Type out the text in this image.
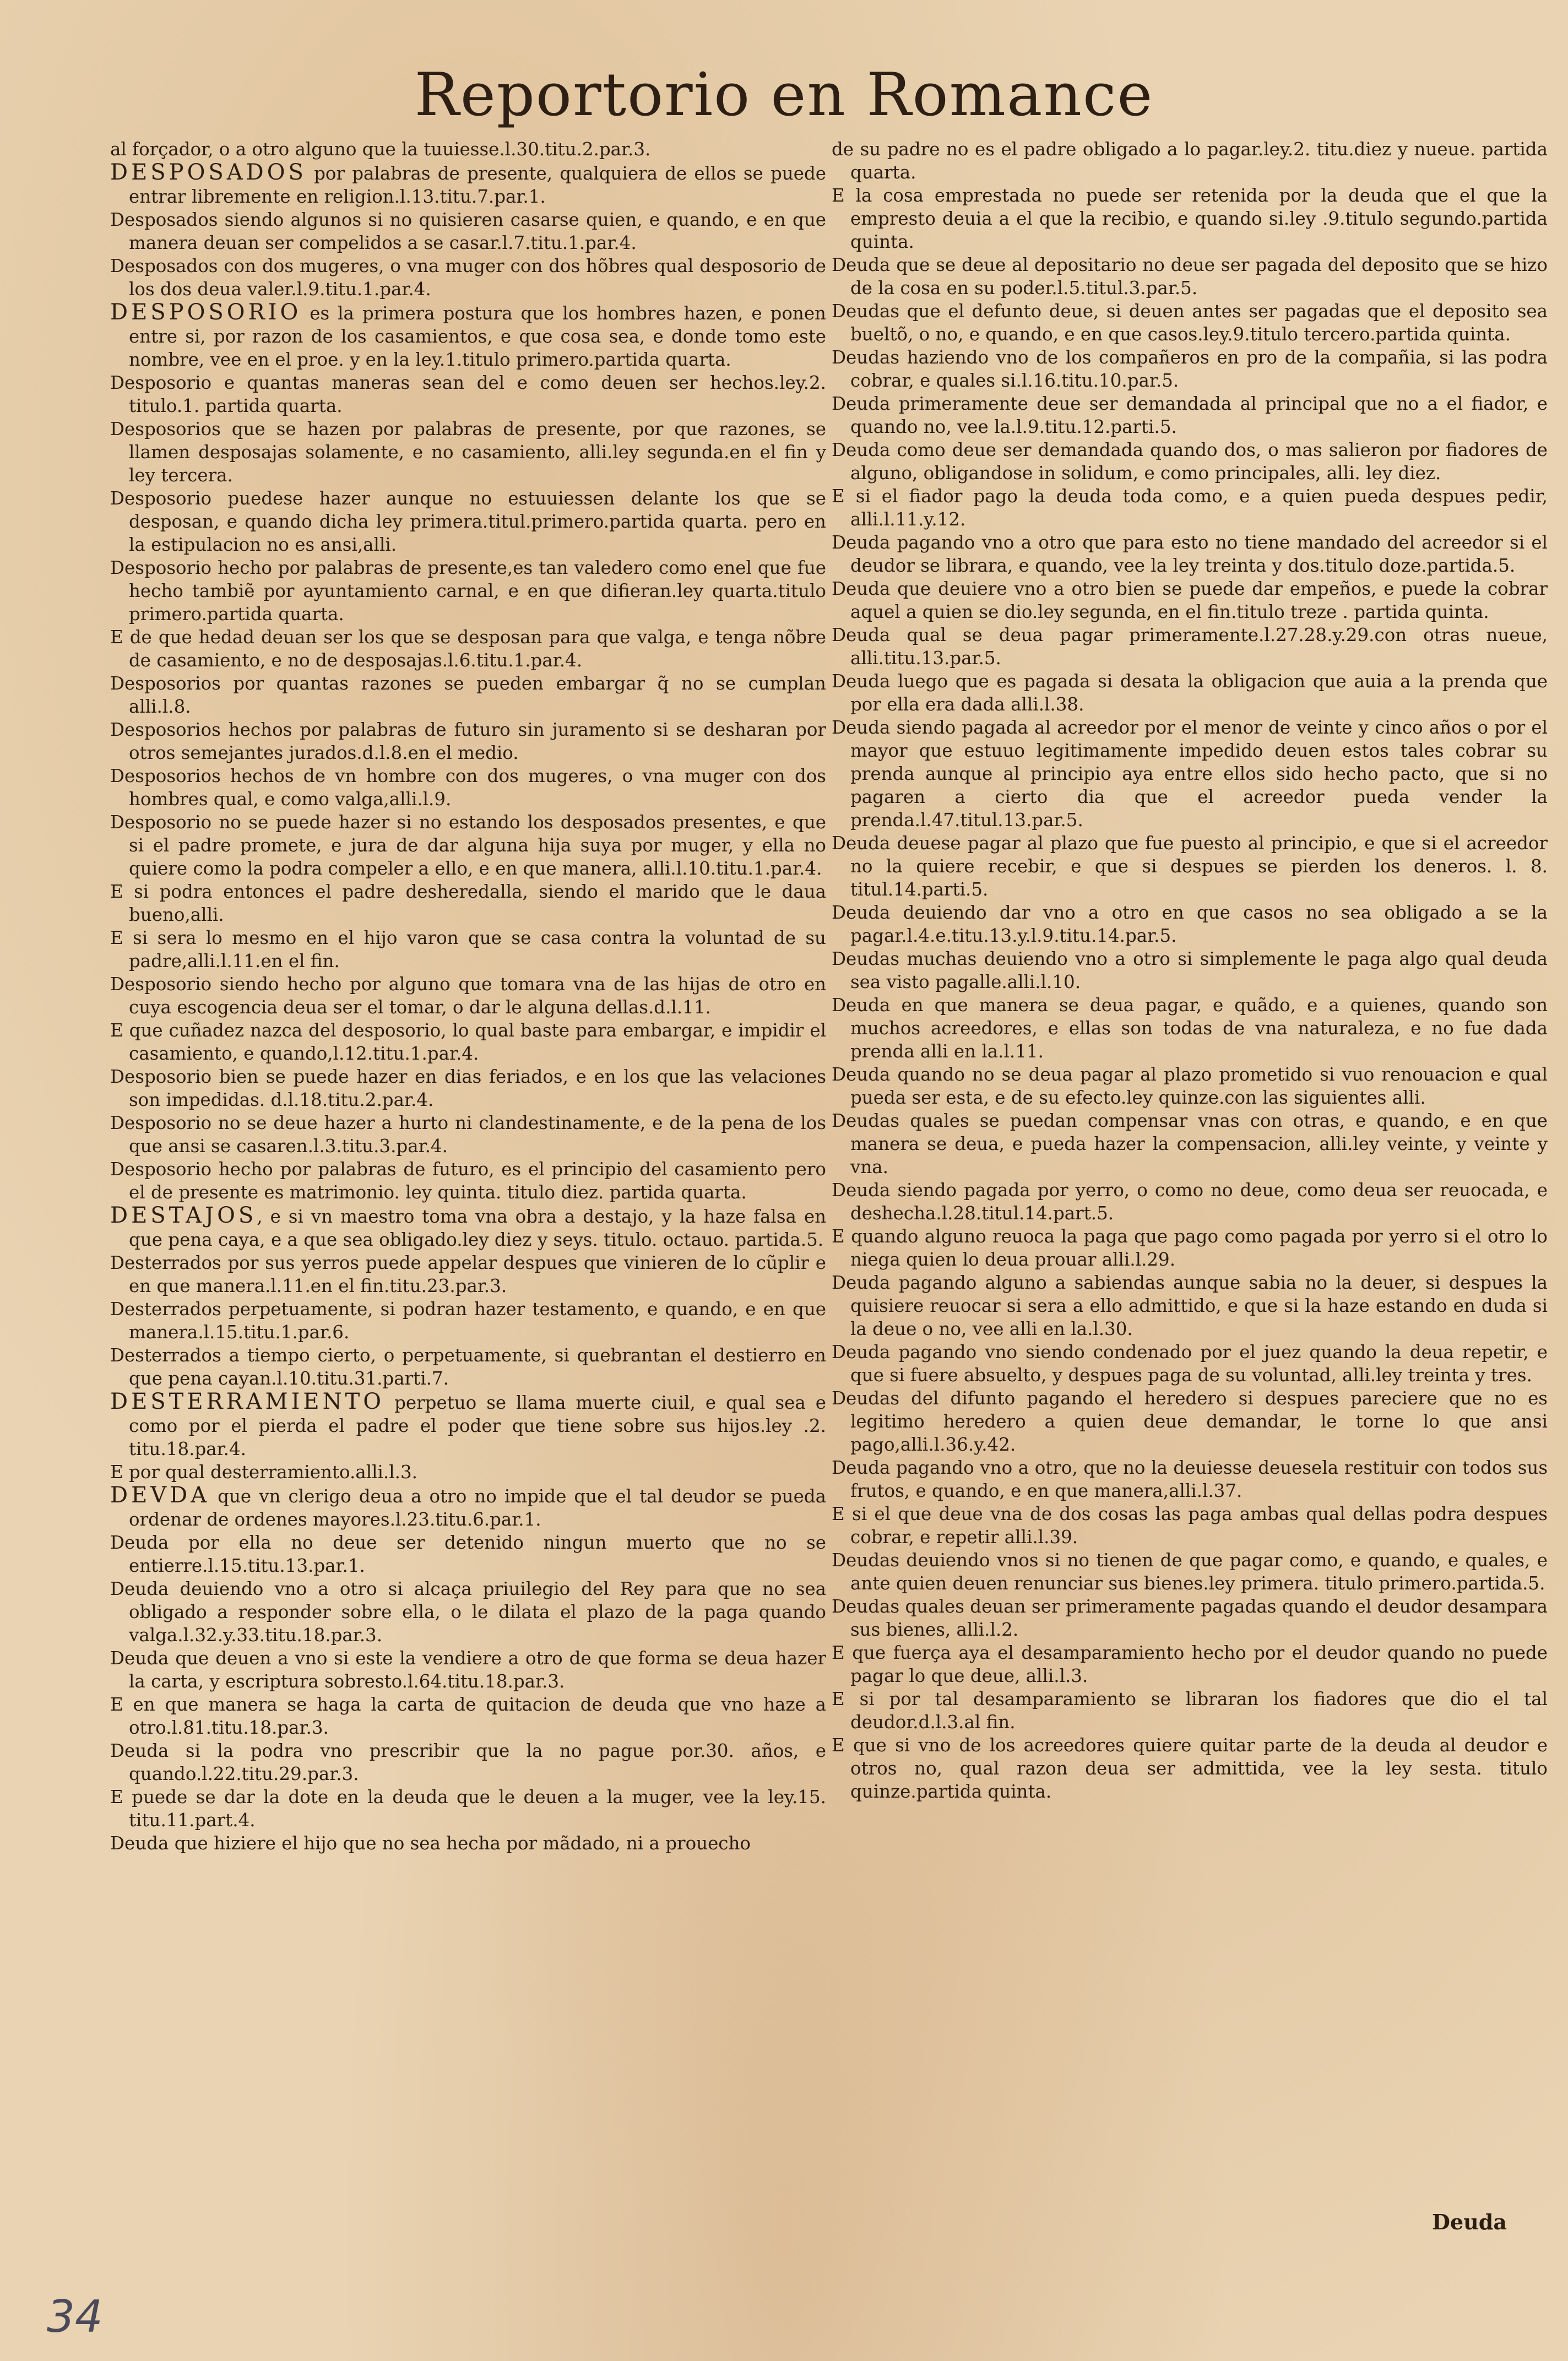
Reportorio en Romance
al forçador, o a otro alguno que la tuuiesse.l.30.titu.2.par.3.
DESPOSADOS por palabras de presente, qualquiera de ellos se puede entrar libremente en religion.l.13.titu.7.par.1.
Desposados siendo algunos si no quisieren casarse quien, e quando, e en que manera deuan ser compelidos a se casar.l.7.titu.1.par.4.
Desposados con dos mugeres, o vna muger con dos hõbres qual desposorio de los dos deua valer.l.9.titu.1.par.4.
DESPOSORIO es la primera postura que los hombres hazen, e ponen entre si, por razon de los casamientos, e que cosa sea, e donde tomo este nombre, vee en el proe. y en la ley.1.titulo primero.partida quarta.
Desposorio e quantas maneras sean del e como deuen ser hechos.ley.2. titulo.1. partida quarta.
Desposorios que se hazen por palabras de presente, por que razones, se llamen desposajas solamente, e no casamiento, alli.ley segunda.en el fin y ley tercera.
Desposorio puedese hazer aunque no estuuiessen delante los que se desposan, e quando dicha ley primera.titul.primero.partida quarta. pero en la estipulacion no es ansi,alli.
Desposorio hecho por palabras de presente,es tan valedero como enel que fue hecho tambiẽ por ayuntamiento carnal, e en que difieran.ley quarta.titulo primero.partida quarta.
E de que hedad deuan ser los que se desposan para que valga, e tenga nõbre de casamiento, e no de desposajas.l.6.titu.1.par.4.
Desposorios por quantas razones se pueden embargar q̃ no se cumplan alli.l.8.
Desposorios hechos por palabras de futuro sin juramento si se desharan por otros semejantes jurados.d.l.8.en el medio.
Desposorios hechos de vn hombre con dos mugeres, o vna muger con dos hombres qual, e como valga,alli.l.9.
Desposorio no se puede hazer si no estando los desposados presentes, e que si el padre promete, e jura de dar alguna hija suya por muger, y ella no quiere como la podra compeler a ello, e en que manera, alli.l.10.titu.1.par.4.
E si podra entonces el padre desheredalla, siendo el marido que le daua bueno,alli.
E si sera lo mesmo en el hijo varon que se casa contra la voluntad de su padre,alli.l.11.en el fin.
Desposorio siendo hecho por alguno que tomara vna de las hijas de otro en cuya escogencia deua ser el tomar, o dar le alguna dellas.d.l.11.
E que cuñadez nazca del desposorio, lo qual baste para embargar, e impidir el casamiento, e quando,l.12.titu.1.par.4.
Desposorio bien se puede hazer en dias feriados, e en los que las velaciones son impedidas. d.l.18.titu.2.par.4.
Desposorio no se deue hazer a hurto ni clandestinamente, e de la pena de los que ansi se casaren.l.3.titu.3.par.4.
Desposorio hecho por palabras de futuro, es el principio del casamiento pero el de presente es matrimonio. ley quinta. titulo diez. partida quarta.
DESTAJOS, e si vn maestro toma vna obra a destajo, y la haze falsa en que pena caya, e a que sea obligado.ley diez y seys. titulo. octauo. partida.5.
Desterrados por sus yerros puede appelar despues que vinieren de lo cũplir e en que manera.l.11.en el fin.titu.23.par.3.
Desterrados perpetuamente, si podran hazer testamento, e quando, e en que manera.l.15.titu.1.par.6.
Desterrados a tiempo cierto, o perpetuamente, si quebrantan el destierro en que pena cayan.l.10.titu.31.parti.7.
DESTERRAMIENTO perpetuo se llama muerte ciuil, e qual sea e como por el pierda el padre el poder que tiene sobre sus hijos.ley .2. titu.18.par.4.
E por qual desterramiento.alli.l.3.
DEVDA que vn clerigo deua a otro no impide que el tal deudor se pueda ordenar de ordenes mayores.l.23.titu.6.par.1.
Deuda por ella no deue ser detenido ningun muerto que no se entierre.l.15.titu.13.par.1.
Deuda deuiendo vno a otro si alcaça priuilegio del Rey para que no sea obligado a responder sobre ella, o le dilata el plazo de la paga quando valga.l.32.y.33.titu.18.par.3.
Deuda que deuen a vno si este la vendiere a otro de que forma se deua hazer la carta, y escriptura sobresto.l.64.titu.18.par.3.
E en que manera se haga la carta de quitacion de deuda que vno haze a otro.l.81.titu.18.par.3.
Deuda si la podra vno prescribir que la no pague por.30. años, e quando.l.22.titu.29.par.3.
E puede se dar la dote en la deuda que le deuen a la muger, vee la ley.15. titu.11.part.4.
Deuda que hiziere el hijo que no sea hecha por mãdado, ni a prouecho
de su padre no es el padre obligado a lo pagar.ley.2. titu.diez y nueue. partida quarta.
E la cosa emprestada no puede ser retenida por la deuda que el que la empresto deuia a el que la recibio, e quando si.ley .9.titulo segundo.partida quinta.
Deuda que se deue al depositario no deue ser pagada del deposito que se hizo de la cosa en su poder.l.5.titul.3.par.5.
Deudas que el defunto deue, si deuen antes ser pagadas que el deposito sea bueltõ, o no, e quando, e en que casos.ley.9.titulo tercero.partida quinta.
Deudas haziendo vno de los compañeros en pro de la compañia, si las podra cobrar, e quales si.l.16.titu.10.par.5.
Deuda primeramente deue ser demandada al principal que no a el fiador, e quando no, vee la.l.9.titu.12.parti.5.
Deuda como deue ser demandada quando dos, o mas salieron por fiadores de alguno, obligandose in solidum, e como principales, alli. ley diez.
E si el fiador pago la deuda toda como, e a quien pueda despues pedir, alli.l.11.y.12.
Deuda pagando vno a otro que para esto no tiene mandado del acreedor si el deudor se librara, e quando, vee la ley treinta y dos.titulo doze.partida.5.
Deuda que deuiere vno a otro bien se puede dar empeños, e puede la cobrar aquel a quien se dio.ley segunda, en el fin.titulo treze . partida quinta.
Deuda qual se deua pagar primeramente.l.27.28.y.29.con otras nueue, alli.titu.13.par.5.
Deuda luego que es pagada si desata la obligacion que auia a la prenda que por ella era dada alli.l.38.
Deuda siendo pagada al acreedor por el menor de veinte y cinco años o por el mayor que estuuo legitimamente impedido deuen estos tales cobrar su prenda aunque al principio aya entre ellos sido hecho pacto, que si no pagaren a cierto dia que el acreedor pueda vender la prenda.l.47.titul.13.par.5.
Deuda deuese pagar al plazo que fue puesto al principio, e que si el acreedor no la quiere recebir, e que si despues se pierden los deneros. l. 8. titul.14.parti.5.
Deuda deuiendo dar vno a otro en que casos no sea obligado a se la pagar.l.4.e.titu.13.y.l.9.titu.14.par.5.
Deudas muchas deuiendo vno a otro si simplemente le paga algo qual deuda sea visto pagalle.alli.l.10.
Deuda en que manera se deua pagar, e quãdo, e a quienes, quando son muchos acreedores, e ellas son todas de vna naturaleza, e no fue dada prenda alli en la.l.11.
Deuda quando no se deua pagar al plazo prometido si vuo renouacion e qual pueda ser esta, e de su efecto.ley quinze.con las siguientes alli.
Deudas quales se puedan compensar vnas con otras, e quando, e en que manera se deua, e pueda hazer la compensacion, alli.ley veinte, y veinte y vna.
Deuda siendo pagada por yerro, o como no deue, como deua ser reuocada, e deshecha.l.28.titul.14.part.5.
E quando alguno reuoca la paga que pago como pagada por yerro si el otro lo niega quien lo deua prouar alli.l.29.
Deuda pagando alguno a sabiendas aunque sabia no la deuer, si despues la quisiere reuocar si sera a ello admittido, e que si la haze estando en duda si la deue o no, vee alli en la.l.30.
Deuda pagando vno siendo condenado por el juez quando la deua repetir, e que si fuere absuelto, y despues paga de su voluntad, alli.ley treinta y tres.
Deudas del difunto pagando el heredero si despues pareciere que no es legitimo heredero a quien deue demandar, le torne lo que ansi pago,alli.l.36.y.42.
Deuda pagando vno a otro, que no la deuiesse deuesela restituir con todos sus frutos, e quando, e en que manera,alli.l.37.
E si el que deue vna de dos cosas las paga ambas qual dellas podra despues cobrar, e repetir alli.l.39.
Deudas deuiendo vnos si no tienen de que pagar como, e quando, e quales, e ante quien deuen renunciar sus bienes.ley primera. titulo primero.partida.5.
Deudas quales deuan ser primeramente pagadas quando el deudor desampara sus bienes, alli.l.2.
E que fuerça aya el desamparamiento hecho por el deudor quando no puede pagar lo que deue, alli.l.3.
E si por tal desamparamiento se libraran los fiadores que dio el tal deudor.d.l.3.al fin.
E que si vno de los acreedores quiere quitar parte de la deuda al deudor e otros no, qual razon deua ser admittida, vee la ley sesta. titulo quinze.partida quinta.
Deuda
34
